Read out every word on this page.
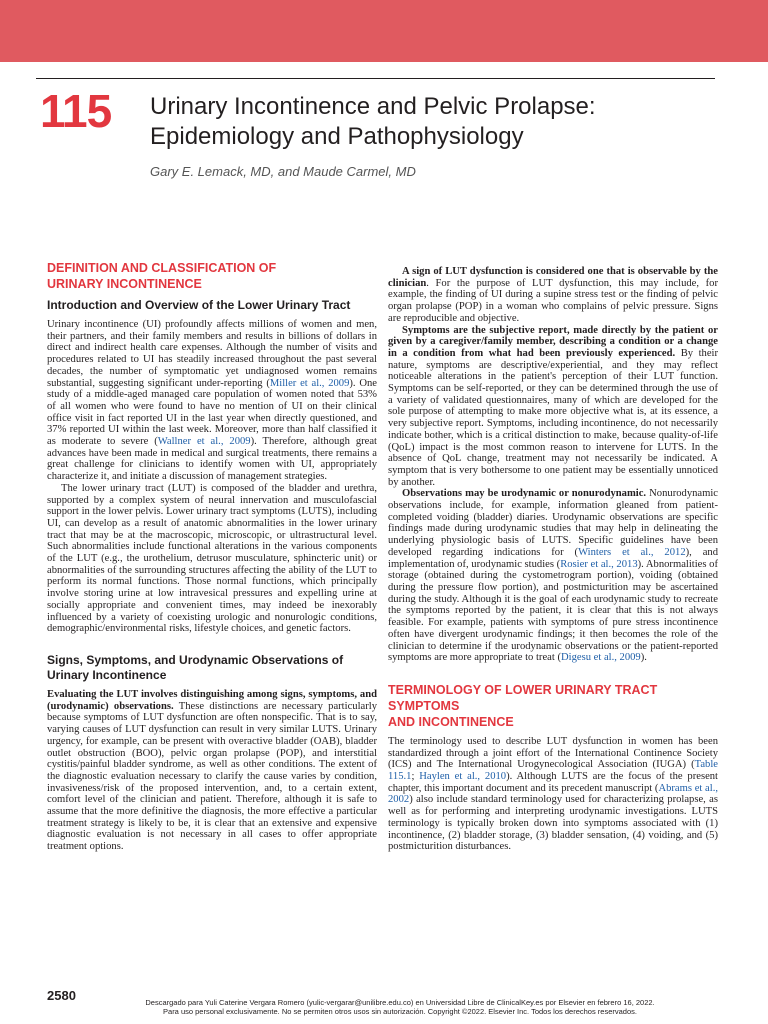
115 Urinary Incontinence and Pelvic Prolapse:
Epidemiology and Pathophysiology
Gary E. Lemack, MD, and Maude Carmel, MD
DEFINITION AND CLASSIFICATION OF
URINARY INCONTINENCE
Introduction and Overview of the Lower Urinary Tract

Urinary incontinence (UI) profoundly affects millions of women and men, their partners, and their family members and results in billions of dollars in direct and indirect health care expenses. Although the number of visits and procedures related to UI has steadily increased throughout the past several decades, the number of symptomatic yet undiagnosed women remains substantial, suggesting significant under-reporting (Miller et al., 2009). One study of a middle-aged managed care population of women noted that 53% of all women who were found to have no mention of UI on their clinical office visit in fact reported UI in the last year when directly questioned, and 37% reported UI within the last week. Moreover, more than half classified it as moderate to severe (Wallner et al., 2009). Therefore, although great advances have been made in medical and surgical treatments, there remains a great challenge for clinicians to identify women with UI, appropriately characterize it, and initiate a discussion of management strategies.

The lower urinary tract (LUT) is composed of the bladder and urethra, supported by a complex system of neural innervation and musculofascial support in the lower pelvis. Lower urinary tract symptoms (LUTS), including UI, can develop as a result of anatomic abnormalities in the lower urinary tract that may be at the macroscopic, microscopic, or ultrastructural level. Such abnormalities include functional alterations in the various components of the LUT (e.g., the urothelium, detrusor musculature, sphincteric unit) or abnormalities of the surrounding structures affecting the ability of the LUT to perform its normal functions. Those normal functions, which principally involve storing urine at low intravesical pressures and expelling urine at socially appropriate and convenient times, may indeed be inexorably influenced by a variety of coexisting urologic and nonurologic conditions, demographic/environmental risks, lifestyle choices, and genetic factors.

Signs, Symptoms, and Urodynamic Observations of
Urinary Incontinence

Evaluating the LUT involves distinguishing among signs, symptoms, and (urodynamic) observations. These distinctions are necessary particularly because symptoms of LUT dysfunction are often nonspecific. That is to say, varying causes of LUT dysfunction can result in very similar LUTS. Urinary urgency, for example, can be present with overactive bladder (OAB), bladder outlet obstruction (BOO), pelvic organ prolapse (POP), and interstitial cystitis/painful bladder syndrome, as well as other conditions. The extent of the diagnostic evaluation necessary to clarify the cause varies by condition, invasiveness/risk of the proposed intervention, and, to a certain extent, comfort level of the clinician and patient. Therefore, although it is safe to assume that the more definitive the diagnosis, the more effective a particular treatment strategy is likely to be, it is clear that an extensive and expensive diagnostic evaluation is not necessary in all cases to offer appropriate treatment options.

A sign of LUT dysfunction is considered one that is observable by the clinician. For the purpose of LUT dysfunction, this may include, for example, the finding of UI during a supine stress test or the finding of pelvic organ prolapse (POP) in a woman who complains of pelvic pressure. Signs are reproducible and objective.

Symptoms are the subjective report, made directly by the patient or given by a caregiver/family member, describing a condition or a change in a condition from what had been previously experienced. By their nature, symptoms are descriptive/experiential, and they may reflect noticeable alterations in the patient's perception of their LUT function. Symptoms can be self-reported, or they can be determined through the use of a variety of validated questionnaires, many of which are developed for the sole purpose of attempting to make more objective what is, at its essence, a very subjective report. Symptoms, including incontinence, do not necessarily indicate bother, which is a critical distinction to make, because quality-of-life (QoL) impact is the most common reason to intervene for LUTS. In the absence of QoL change, treatment may not necessarily be indicated. A symptom that is very bothersome to one patient may be essentially unnoticed by another.

Observations may be urodynamic or nonurodynamic. Nonurodynamic observations include, for example, information gleaned from patient-completed voiding (bladder) diaries. Urodynamic observations are specific findings made during urodynamic studies that may help in delineating the underlying physiologic basis of LUTS. Specific guidelines have been developed regarding indications for (Winters et al., 2012), and implementation of, urodynamic studies (Rosier et al., 2013). Abnormalities of storage (obtained during the cystometrogram portion), voiding (obtained during the pressure flow portion), and postmicturition may be ascertained during the study. Although it is the goal of each urodynamic study to recreate the symptoms reported by the patient, it is clear that this is not always feasible. For example, patients with symptoms of pure stress incontinence often have divergent urodynamic findings; it then becomes the role of the clinician to determine if the urodynamic observations or the patient-reported symptoms are more appropriate to treat (Digesu et al., 2009).

TERMINOLOGY OF LOWER URINARY TRACT SYMPTOMS
AND INCONTINENCE

The terminology used to describe LUT dysfunction in women has been standardized through a joint effort of the International Continence Society (ICS) and The International Urogynecological Association (IUGA) (Table 115.1; Haylen et al., 2010). Although LUTS are the focus of the present chapter, this important document and its precedent manuscript (Abrams et al., 2002) also include standard terminology used for characterizing prolapse, as well as for performing and interpreting urodynamic investigations. LUTS terminology is typically broken down into symptoms associated with (1) incontinence, (2) bladder storage, (3) bladder sensation, (4) voiding, and (5) postmicturition disturbances.

2580	Descargado para Yuli Caterine Vergara Romero (yulic-vergarar@unilibre.edu.co) en Universidad Libre de ClinicalKey.es por Elsevier en febrero 16, 2022.
Para uso personal exclusivamente. No se permiten otros usos sin autorización. Copyright ©2022. Elsevier Inc. Todos los derechos reservados.
